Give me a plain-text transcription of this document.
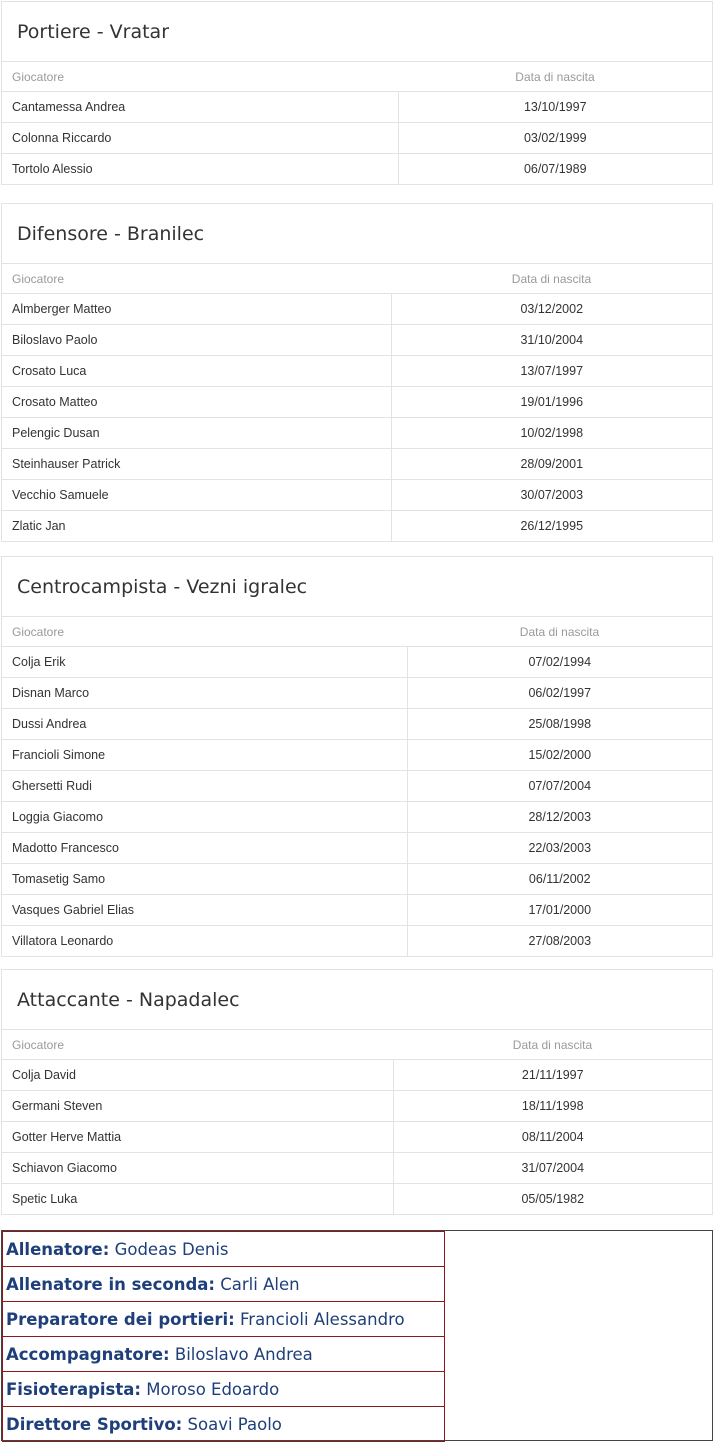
Portiere - Vratar
Giocatore	Data di nascita
Cantamessa Andrea	13/10/1997
Colonna Riccardo	03/02/1999
Tortolo Alessio	06/07/1989
Difensore - Branilec
Giocatore	Data di nascita
Almberger Matteo	03/12/2002
Biloslavo Paolo	31/10/2004
Crosato Luca	13/07/1997
Crosato Matteo	19/01/1996
Pelengic Dusan	10/02/1998
Steinhauser Patrick	28/09/2001
Vecchio Samuele	30/07/2003
Zlatic Jan	26/12/1995
Centrocampista - Vezni igralec
Giocatore	Data di nascita
Colja Erik	07/02/1994
Disnan Marco	06/02/1997
Dussi Andrea	25/08/1998
Francioli Simone	15/02/2000
Ghersetti Rudi	07/07/2004
Loggia Giacomo	28/12/2003
Madotto Francesco	22/03/2003
Tomasetig Samo	06/11/2002
Vasques Gabriel Elias	17/01/2000
Villatora Leonardo	27/08/2003
Attaccante - Napadalec
Giocatore	Data di nascita
Colja David	21/11/1997
Germani Steven	18/11/1998
Gotter Herve Mattia	08/11/2004
Schiavon Giacomo	31/07/2004
Spetic Luka	05/05/1982
Allenatore: Godeas Denis
Allenatore in seconda: Carli Alen
Preparatore dei portieri: Francioli Alessandro
Accompagnatore: Biloslavo Andrea
Fisioterapista: Moroso Edoardo
Direttore Sportivo: Soavi Paolo
